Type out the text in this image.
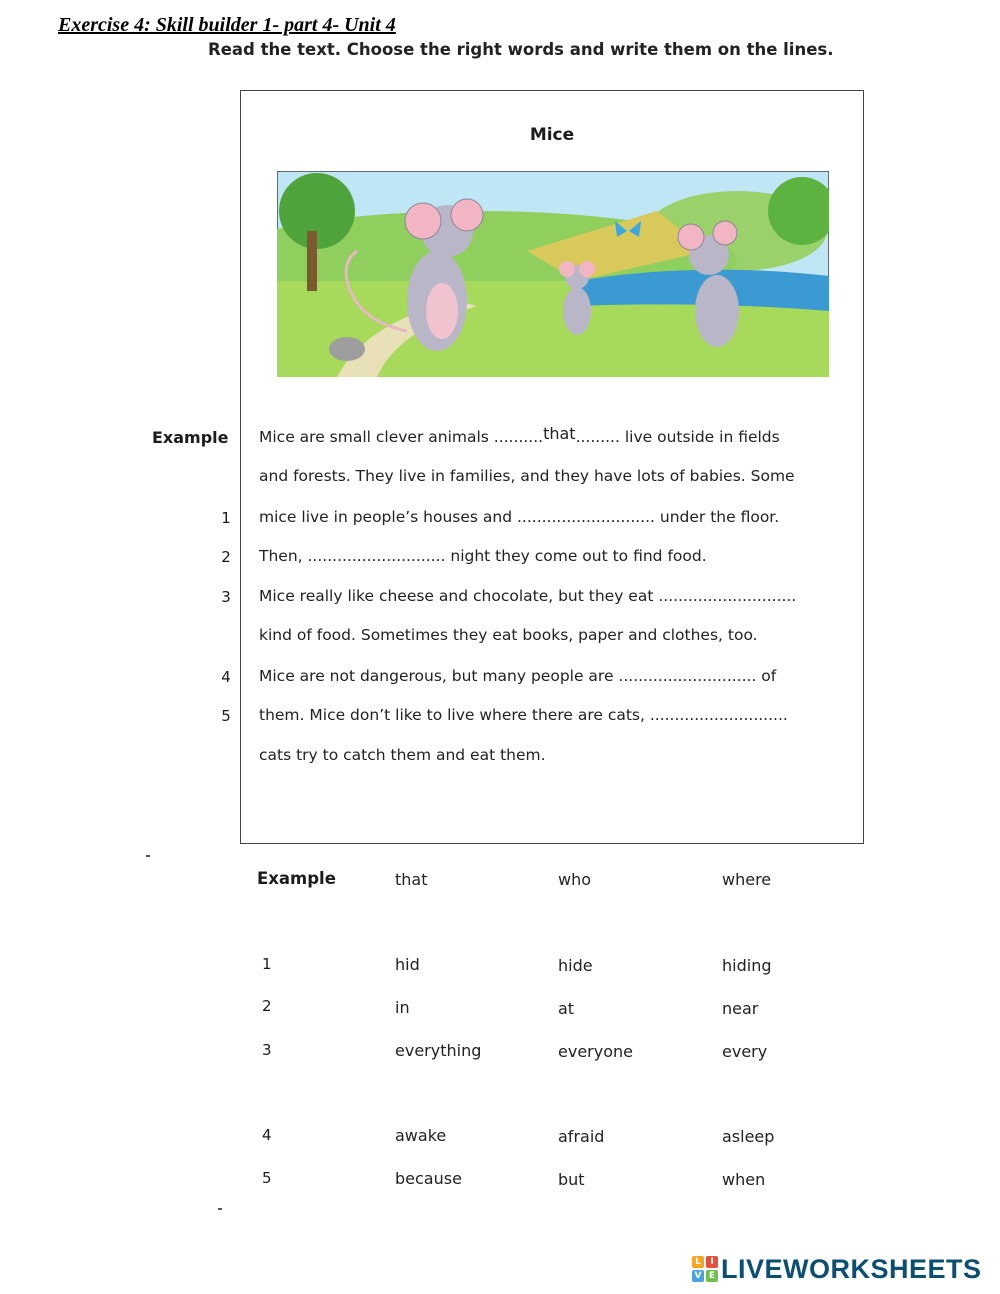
Exercise 4: Skill builder 1- part 4- Unit 4
Read the text. Choose the right words and write them on the lines.
Mice
Example
1
2
3
4
5
Mice are small clever animals ..........that......... live outside in fields
and forests. They live in families, and they have lots of babies. Some
mice live in people’s houses and ............................ under the floor.
Then, ............................ night they come out to find food.
Mice really like cheese and chocolate, but they eat ............................
kind of food. Sometimes they eat books, paper and clothes, too.
Mice are not dangerous, but many people are ............................ of
them. Mice don’t like to live where there are cats, ............................
cats try to catch them and eat them.
Example	that	who	where
1	hid	hide	hiding
2	in	at	near
3	everything	everyone	every
4	awake	afraid	asleep
5	because	but	when
L	I
V E LIVEWORKSHEETS
